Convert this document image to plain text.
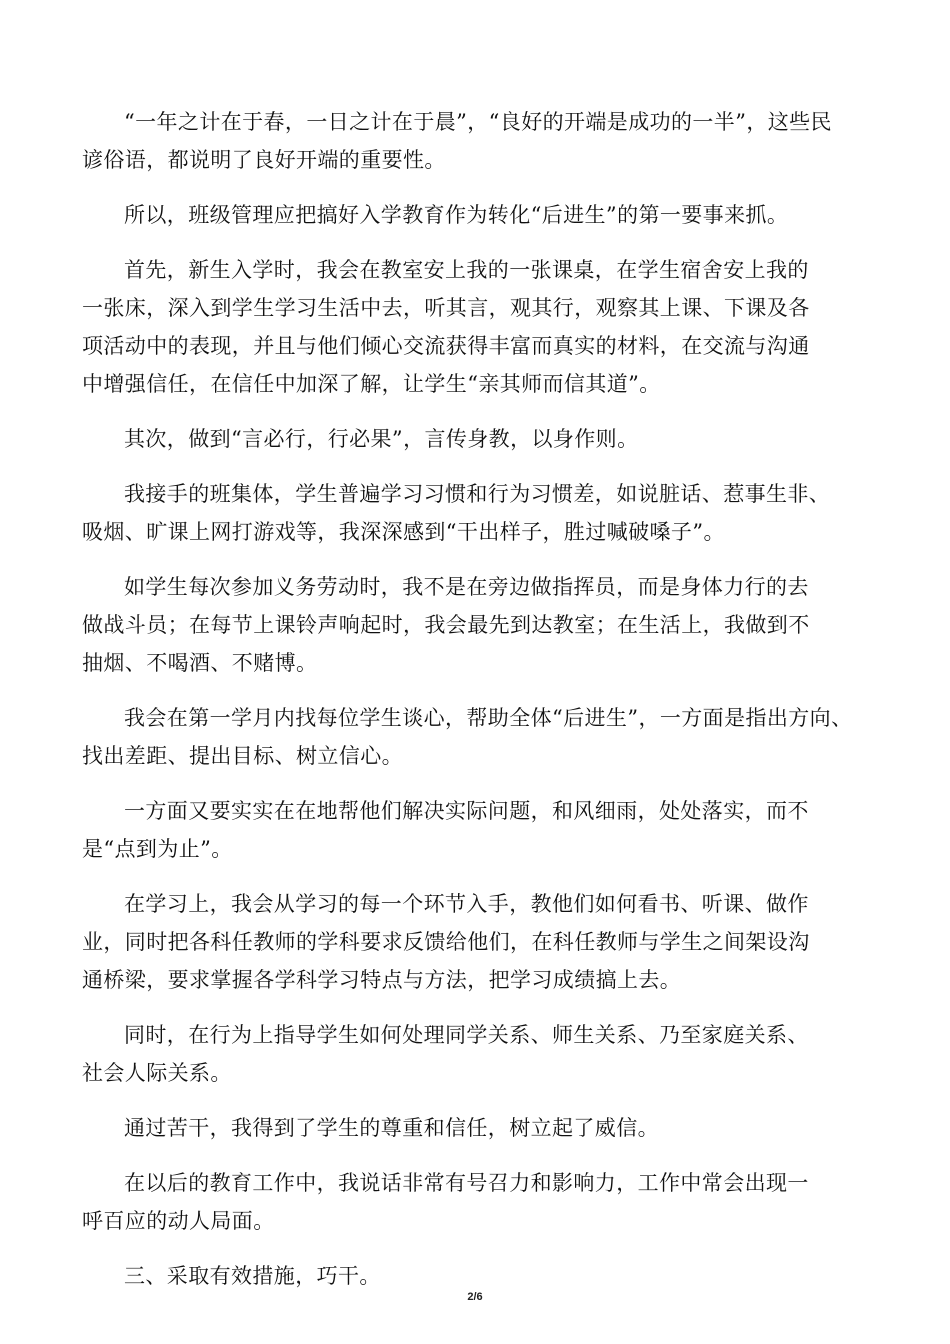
“一年之计在于春，一日之计在于晨”，“良好的开端是成功的一半”，这些民
谚俗语，都说明了良好开端的重要性。

所以，班级管理应把搞好入学教育作为转化“后进生”的第一要事来抓。

首先，新生入学时，我会在教室安上我的一张课桌，在学生宿舍安上我的
一张床，深入到学生学习生活中去，听其言，观其行，观察其上课、下课及各
项活动中的表现，并且与他们倾心交流获得丰富而真实的材料，在交流与沟通
中增强信任，在信任中加深了解，让学生“亲其师而信其道”。

其次，做到“言必行，行必果”，言传身教，以身作则。

我接手的班集体，学生普遍学习习惯和行为习惯差，如说脏话、惹事生非、
吸烟、旷课上网打游戏等，我深深感到“干出样子，胜过喊破嗓子”。

如学生每次参加义务劳动时，我不是在旁边做指挥员，而是身体力行的去
做战斗员；在每节上课铃声响起时，我会最先到达教室；在生活上，我做到不
抽烟、不喝酒、不赌博。

我会在第一学月内找每位学生谈心，帮助全体“后进生”，一方面是指出方向、
找出差距、提出目标、树立信心。

一方面又要实实在在地帮他们解决实际问题，和风细雨，处处落实，而不
是“点到为止”。

在学习上，我会从学习的每一个环节入手，教他们如何看书、听课、做作
业，同时把各科任教师的学科要求反馈给他们，在科任教师与学生之间架设沟
通桥梁，要求掌握各学科学习特点与方法，把学习成绩搞上去。

同时，在行为上指导学生如何处理同学关系、师生关系、乃至家庭关系、
社会人际关系。

通过苦干，我得到了学生的尊重和信任，树立起了威信。

在以后的教育工作中，我说话非常有号召力和影响力，工作中常会出现一
呼百应的动人局面。

三、采取有效措施，巧干。

2/6
